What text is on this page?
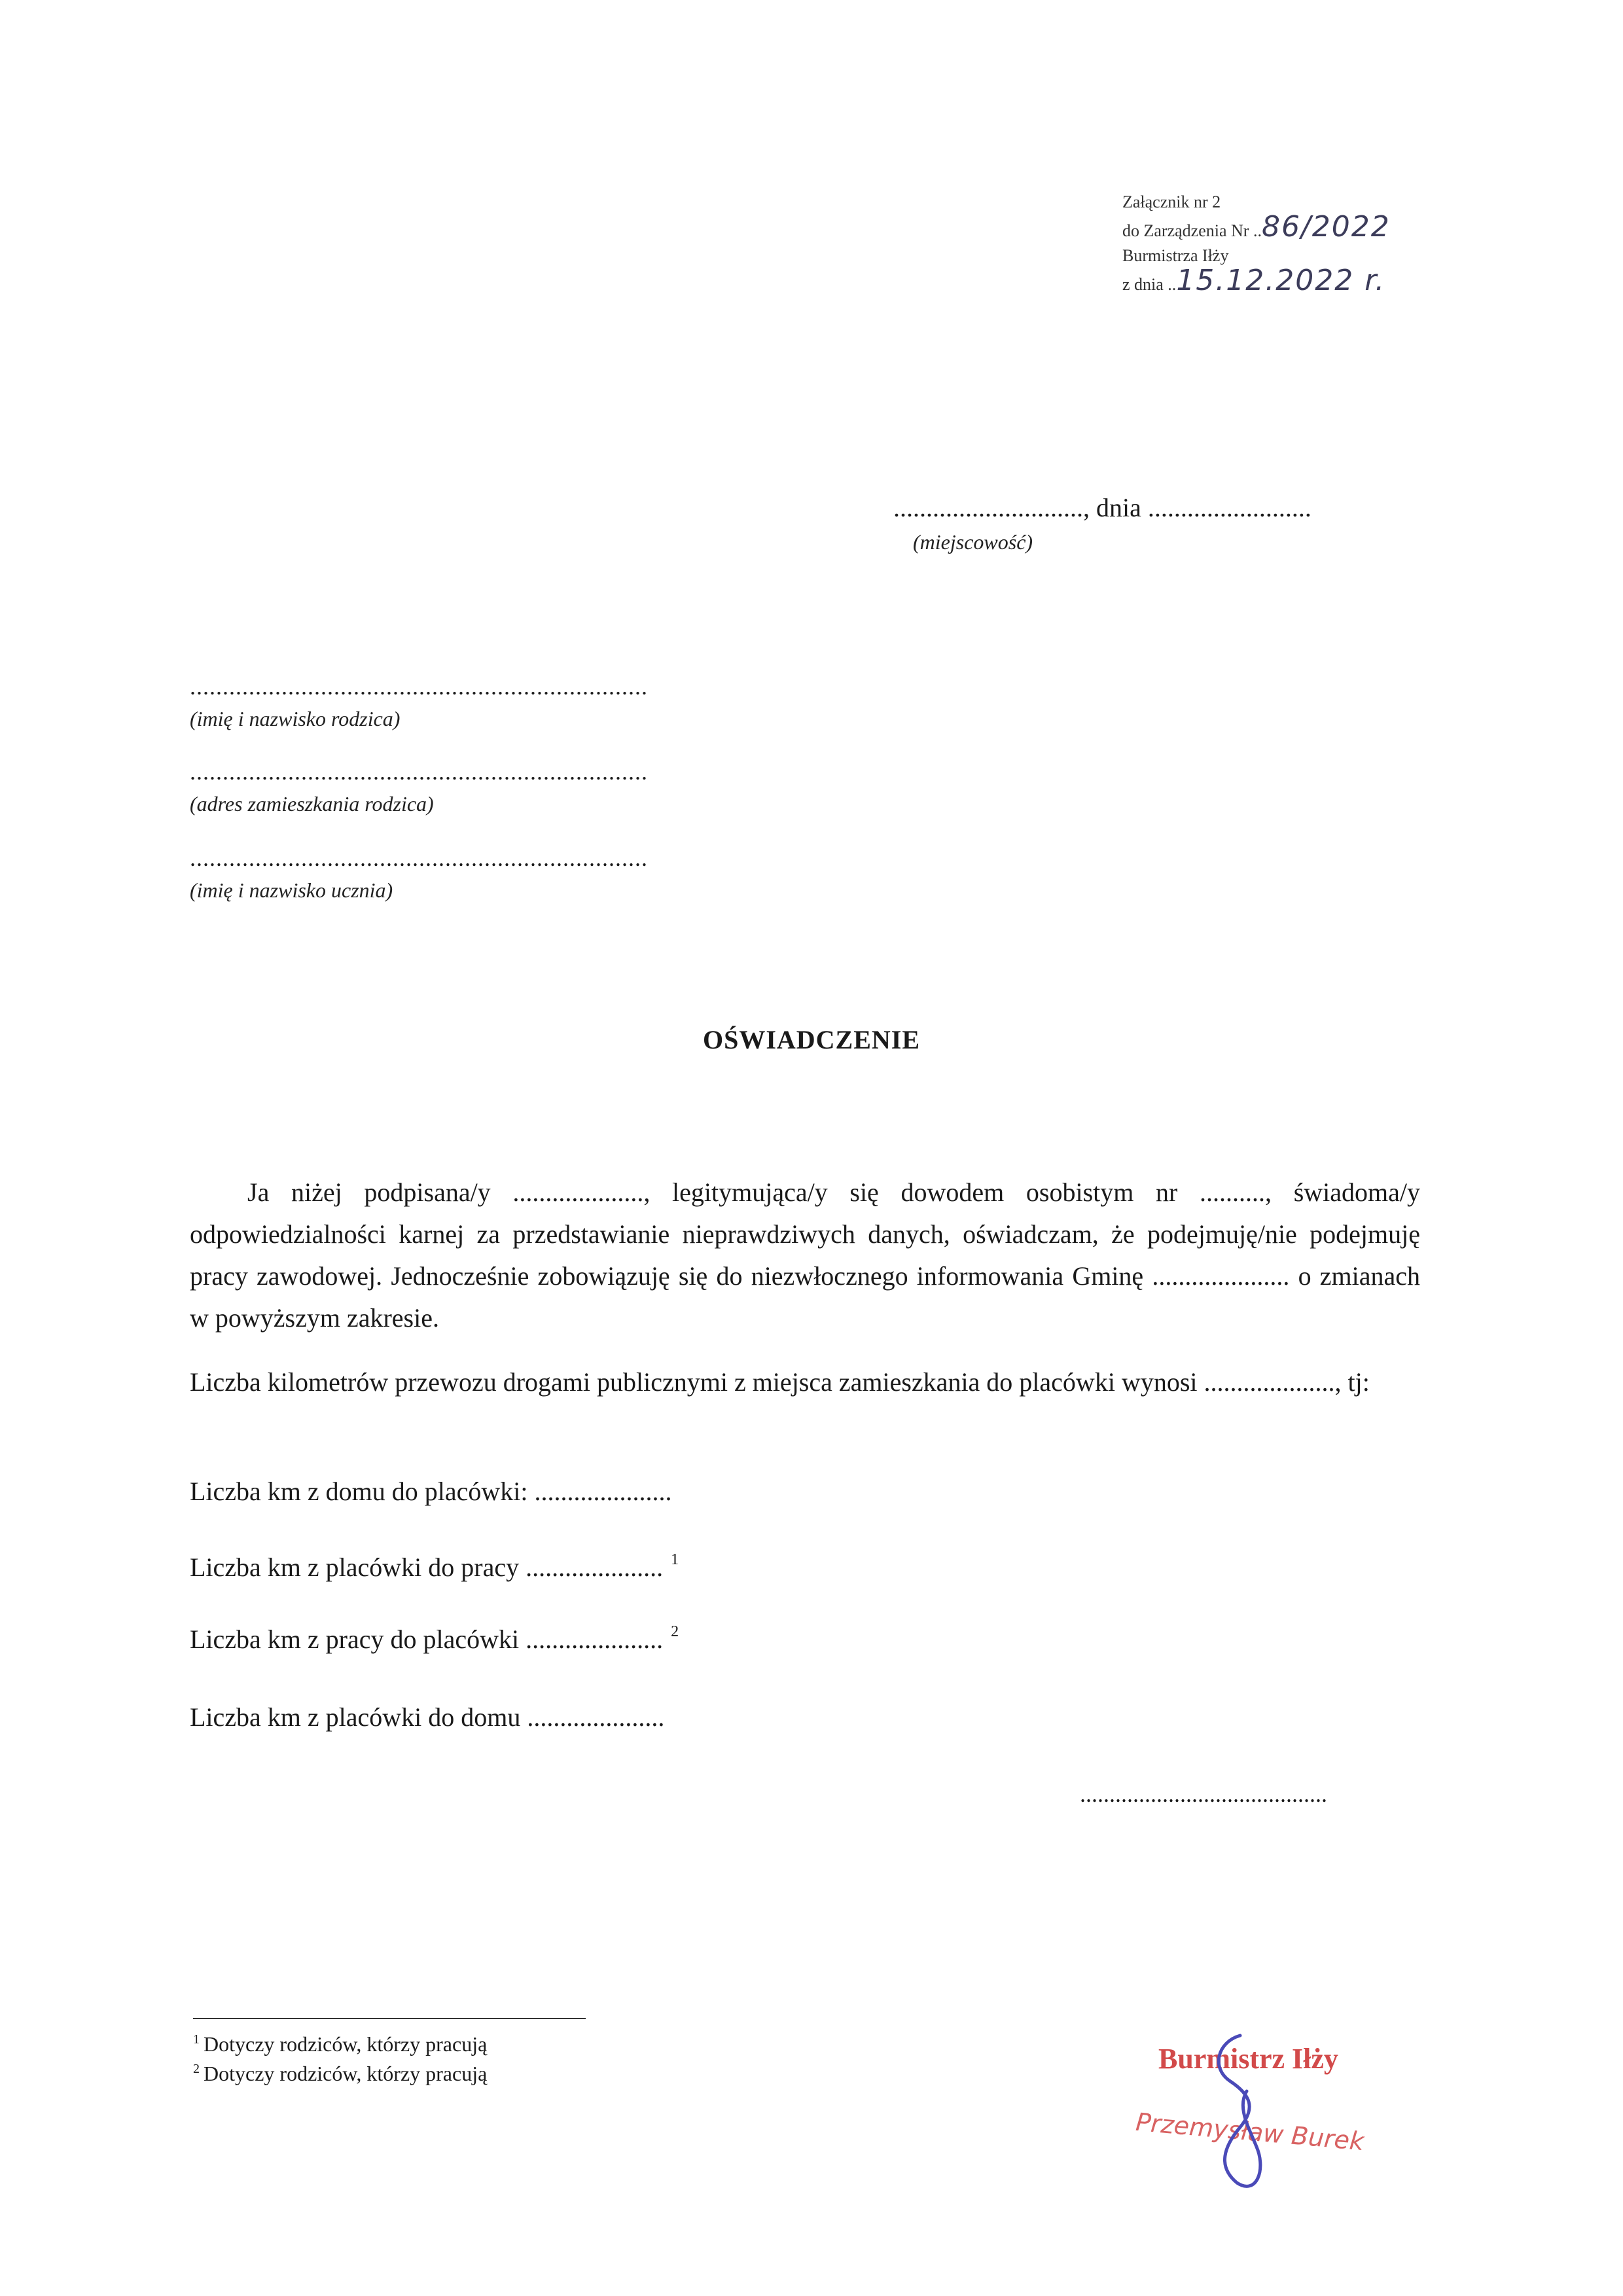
Załącznik nr 2
do Zarządzenia Nr ..86/2022
Burmistrza Iłży
z dnia ..15.12.2022 r.
............................., dnia .........................
(miejscowość)
......................................................................
(imię i nazwisko rodzica)
......................................................................
(adres zamieszkania rodzica)
......................................................................
(imię i nazwisko ucznia)
OŚWIADCZENIE

Ja niżej podpisana/y ...................., legitymująca/y się dowodem osobistym nr .........., świadoma/y odpowiedzialności karnej za przedstawianie nieprawdziwych danych, oświadczam, że podejmuję/nie podejmuję pracy zawodowej. Jednocześnie zobowiązuję się do niezwłocznego informowania Gminę ..................... o zmianach w powyższym zakresie.

Liczba kilometrów przewozu drogami publicznymi z miejsca zamieszkania do placówki wynosi ...................., tj:

Liczba km z domu do placówki: .....................
Liczba km z placówki do pracy ..................... $^1$
Liczba km z pracy do placówki ..................... $^2$
Liczba km z placówki do domu .....................
..........................................
$^1$ Dotyczy rodziców, którzy pracują
$^2$ Dotyczy rodziców, którzy pracują	Burmistrz Iłży
Przemysław Burek
